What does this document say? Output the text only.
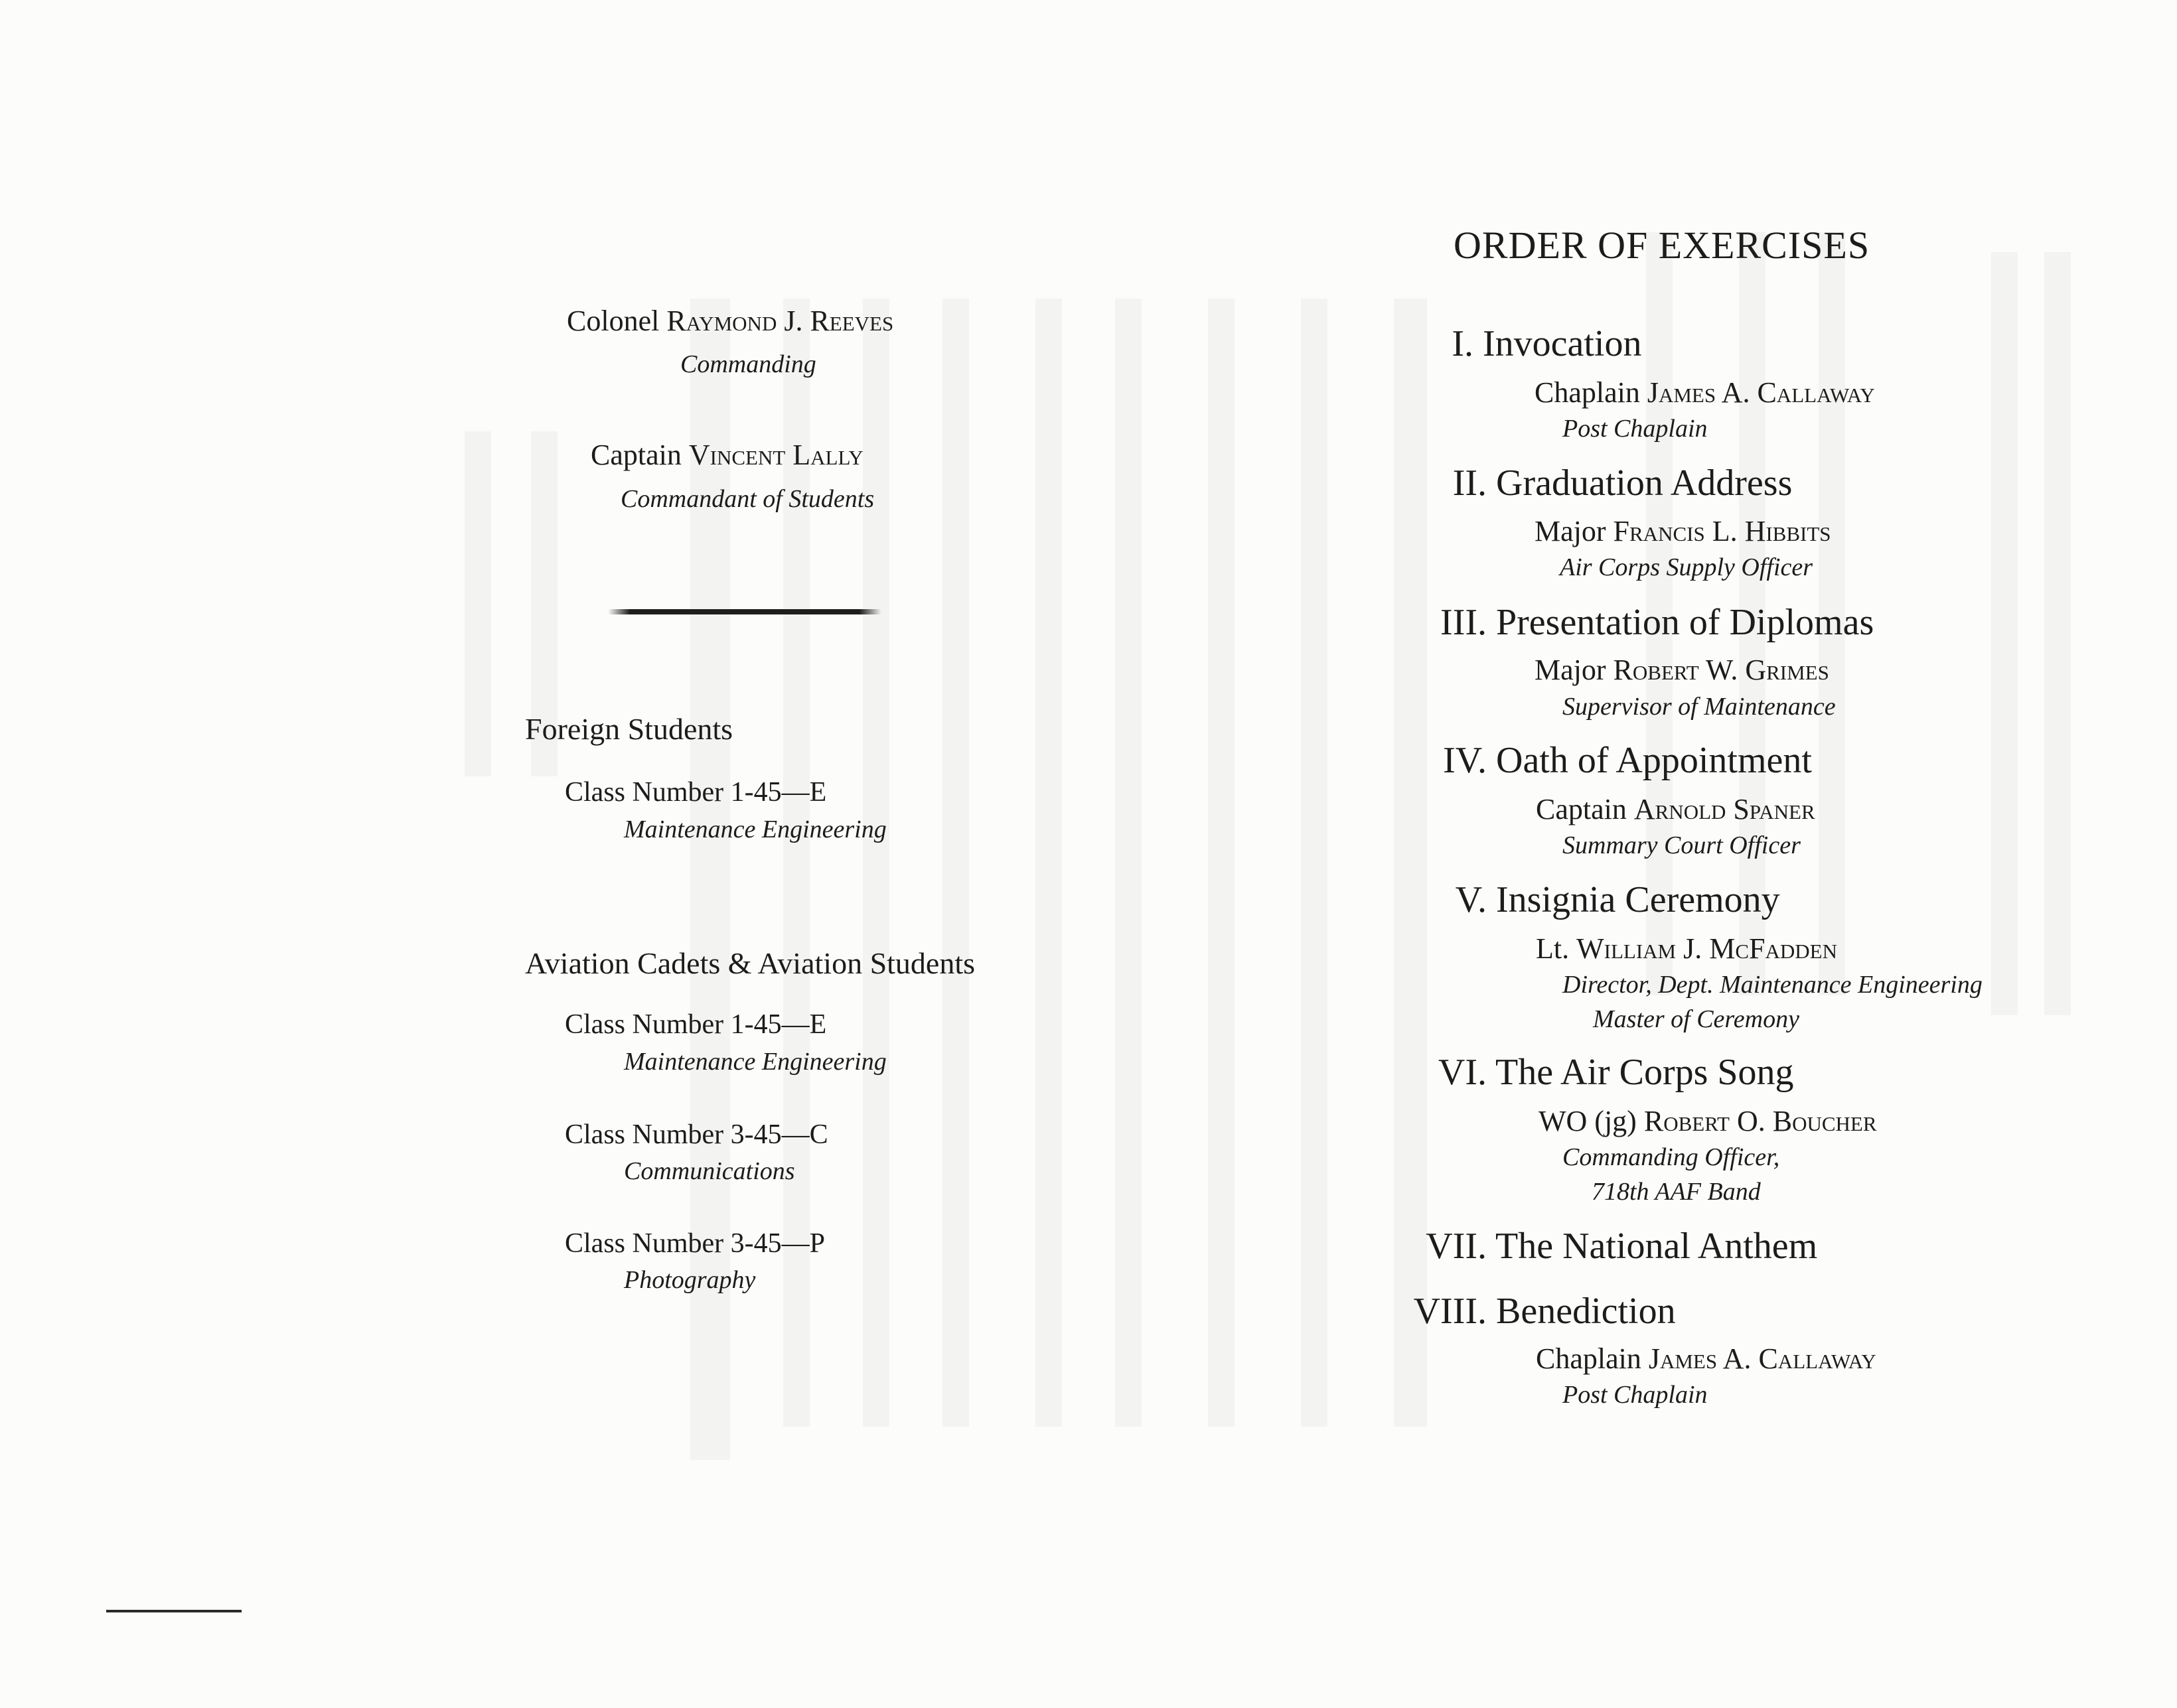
Colonel Raymond J. Reeves
Commanding
Captain Vincent Lally
Commandant of Students
Foreign Students
Class Number 1-45—E
Maintenance Engineering
Aviation Cadets & Aviation Students
Class Number 1-45—E
Maintenance Engineering
Class Number 3-45—C
Communications
Class Number 3-45—P
Photography
ORDER OF EXERCISES
I. Invocation
Chaplain James A. Callaway
Post Chaplain
II. Graduation Address
Major Francis L. Hibbits
Air Corps Supply Officer
III. Presentation of Diplomas
Major Robert W. Grimes
Supervisor of Maintenance
IV. Oath of Appointment
Captain Arnold Spaner
Summary Court Officer
V. Insignia Ceremony
Lt. William J. McFadden
Director, Dept. Maintenance Engineering
Master of Ceremony
VI. The Air Corps Song
WO (jg) Robert O. Boucher
Commanding Officer,
718th AAF Band
VII. The National Anthem
VIII. Benediction
Chaplain James A. Callaway
Post Chaplain
